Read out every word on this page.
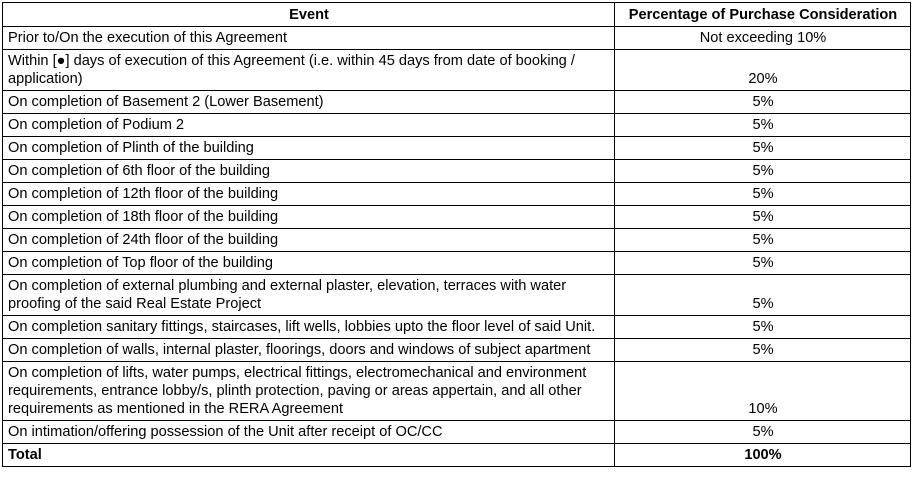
Event	Percentage of Purchase Consideration
Prior to/On the execution of this Agreement	Not exceeding 10%
Within [●] days of execution of this Agreement (i.e. within 45 days from date of booking / application)	20%
On completion of Basement 2 (Lower Basement)	5%
On completion of Podium 2	5%
On completion of Plinth of the building	5%
On completion of 6th floor of the building	5%
On completion of 12th floor of the building	5%
On completion of 18th floor of the building	5%
On completion of 24th floor of the building	5%
On completion of Top floor of the building	5%
On completion of external plumbing and external plaster, elevation, terraces with water proofing of the said Real Estate Project	5%
On completion sanitary fittings, staircases, lift wells, lobbies upto the floor level of said Unit.	5%
On completion of walls, internal plaster, floorings, doors and windows of subject apartment	5%
On completion of lifts, water pumps, electrical fittings, electromechanical and environment requirements, entrance lobby/s, plinth protection, paving or areas appertain, and all other requirements as mentioned in the RERA Agreement	10%
On intimation/offering possession of the Unit after receipt of OC/CC	5%
Total	100%
